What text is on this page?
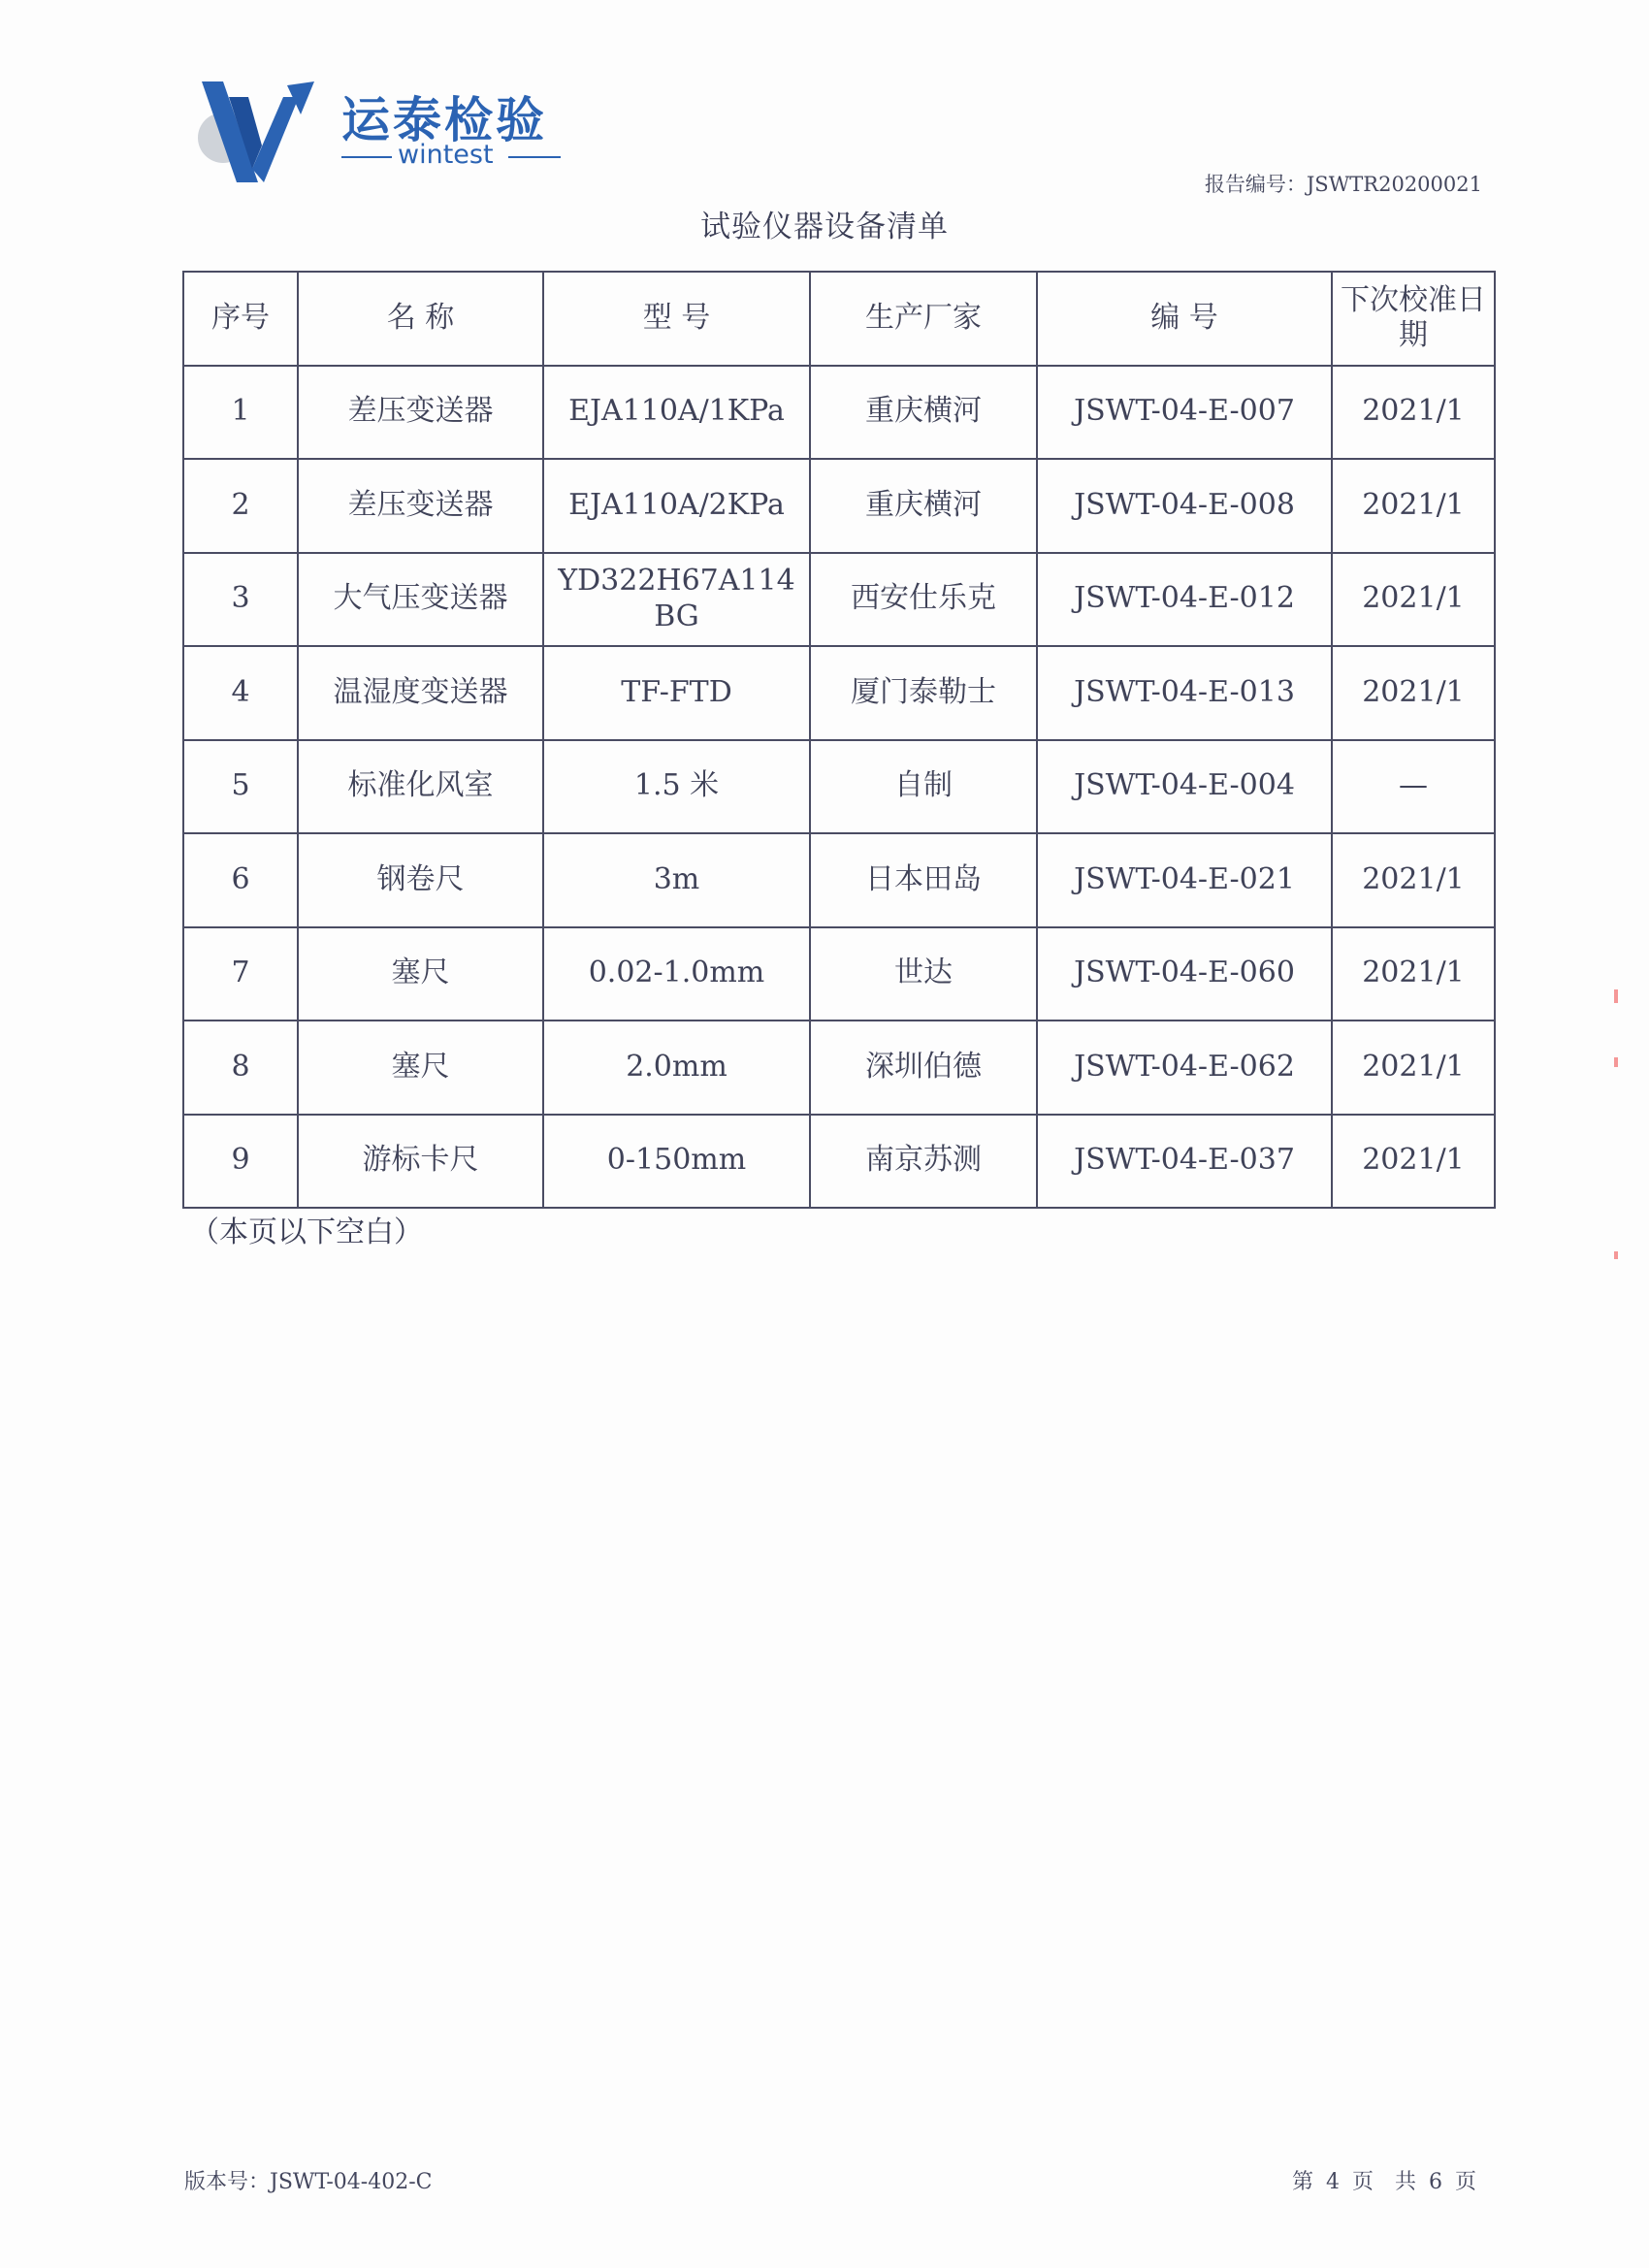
运泰检验
wintest
报告编号：JSWTR20200021
试验仪器设备清单
序号	名 称	型 号	生产厂家	编 号	下次校准日期
1	差压变送器	EJA110A/1KPa	重庆横河	JSWT-04-E-007	2021/1
2	差压变送器	EJA110A/2KPa	重庆横河	JSWT-04-E-008	2021/1
3	大气压变送器	YD322H67A114BG	西安仕乐克	JSWT-04-E-012	2021/1
4	温湿度变送器	TF-FTD	厦门泰勒士	JSWT-04-E-013	2021/1
5	标准化风室	1.5 米	自制	JSWT-04-E-004	—
6	钢卷尺	3m	日本田岛	JSWT-04-E-021	2021/1
7	塞尺	0.02-1.0mm	世达	JSWT-04-E-060	2021/1
8	塞尺	2.0mm	深圳伯德	JSWT-04-E-062	2021/1
9	游标卡尺	0-150mm	南京苏测	JSWT-04-E-037	2021/1
（本页以下空白）
版本号：JSWT-04-402-C	第 4 页　共 6 页
